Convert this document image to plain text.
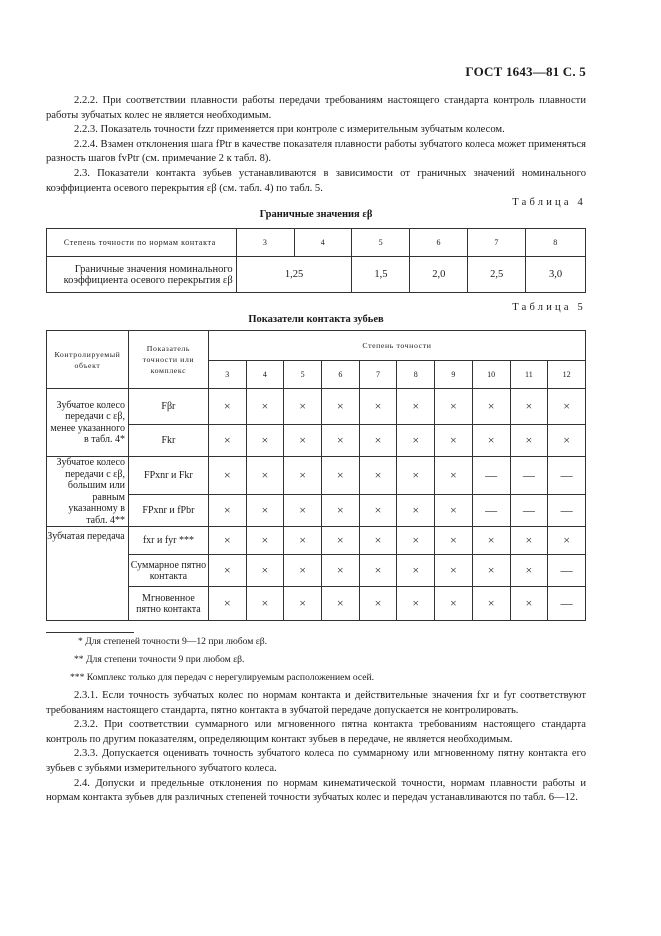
ГОСТ 1643—81 С. 5

2.2.2. При соответствии плавности работы передачи требованиям настоящего стандарта контроль плавности работы зубчатых колес не является необходимым.

2.2.3. Показатель точности fzzr применяется при контроле с измерительным зубчатым колесом.

2.2.4. Взамен отклонения шага fPtr в качестве показателя плавности работы зубчатого колеса может применяться разность шагов fvPtr (см. примечание 2 к табл. 8).

2.3. Показатели контакта зубьев устанавливаются в зависимости от граничных значений номинального коэффициента осевого перекрытия εβ (см. табл. 4) по табл. 5.

Таблица 4
Граничные значения εβ
Степень точности по нормам контакта	3	4	5	6	7	8
Граничные значения номинального коэффициента осевого перекрытия εβ	1,25		1,5	2,0	2,5	3,0
Таблица 5
Показатели контакта зубьев
Контролируемый объект	Показатель точности или комплекс	Степень точности									
		3	4	5	6	7	8	9	10	11	12
Зубчатое колесо передачи с εβ, менее указанного в табл. 4*	Fβr	×	×	×	×	×	×	×	×	×	×
	Fkr	×	×	×	×	×	×	×	×	×	×
Зубчатое колесо передачи с εβ, большим или равным указанному в табл. 4**	FPxnr и Fkr	×	×	×	×	×	×	×	—	—	—
	FPxnr и fPbr	×	×	×	×	×	×	×	—	—	—
Зубчатая передача	fxr и fyr ***	×	×	×	×	×	×	×	×	×	×
	Суммарное пятно контакта	×	×	×	×	×	×	×	×	×	—
	Мгновенное пятно контакта	×	×	×	×	×	×	×	×	×	—
* Для степеней точности 9—12 при любом εβ.
** Для степени точности 9 при любом εβ.
*** Комплекс только для передач с нерегулируемым расположением осей.

2.3.1. Если точность зубчатых колес по нормам контакта и действительные значения fxr и fyr соответствуют требованиям настоящего стандарта, пятно контакта в зубчатой передаче допускается не контролировать.

2.3.2. При соответствии суммарного или мгновенного пятна контакта требованиям настоящего стандарта контроль по другим показателям, определяющим контакт зубьев в передаче, не является необходимым.

2.3.3. Допускается оценивать точность зубчатого колеса по суммарному или мгновенному пятну контакта его зубьев с зубьями измерительного зубчатого колеса.

2.4. Допуски и предельные отклонения по нормам кинематической точности, нормам плавности работы и нормам контакта зубьев для различных степеней точности зубчатых колес и передач устанавливаются по табл. 6—12.
